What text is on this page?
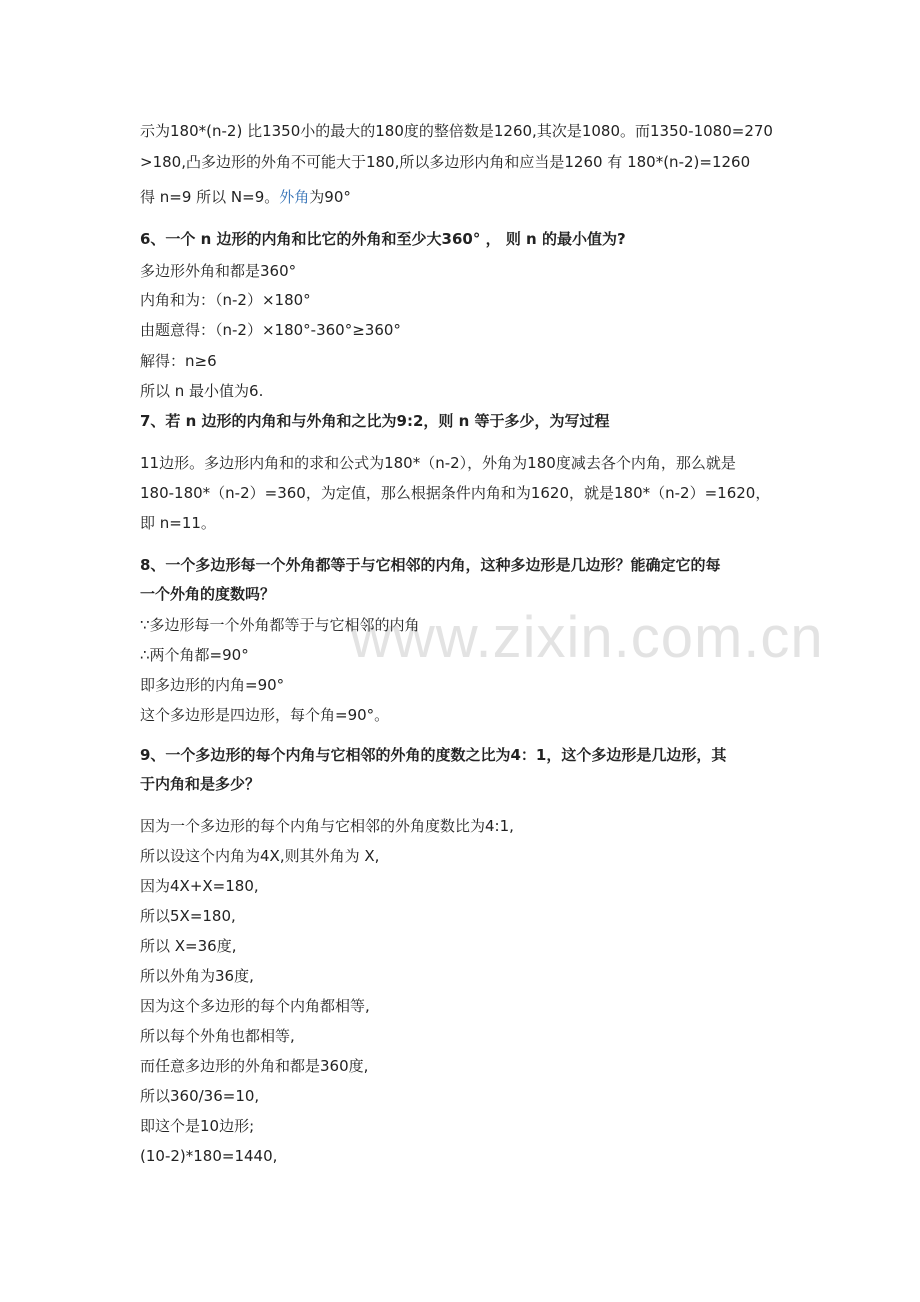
www.zixin.com.cn
示为180*(n-2) 比1350小的最大的180度的整倍数是1260,其次是1080。而1350-1080=270
>180,凸多边形的外角不可能大于180,所以多边形内角和应当是1260 有 180*(n-2)=1260
得 n=9 所以 N=9。外角为90°
6、一个 n 边形的内角和比它的外角和至少大360° ， 则 n 的最小值为?
多边形外角和都是360°
内角和为：（n-2）×180°
由题意得：（n-2）×180°-360°≥360°
解得：n≥6
所以 n 最小值为6.
7、若 n 边形的内角和与外角和之比为9:2，则 n 等于多少，为写过程
11边形。多边形内角和的求和公式为180*（n-2），外角为180度减去各个内角，那么就是
180-180*（n-2）=360，为定值，那么根据条件内角和为1620，就是180*（n-2）=1620，
即 n=11。
8、一个多边形每一个外角都等于与它相邻的内角，这种多边形是几边形？能确定它的每
一个外角的度数吗？
∵多边形每一个外角都等于与它相邻的内角
∴两个角都=90°
即多边形的内角=90°
这个多边形是四边形，每个角=90°。
9、一个多边形的每个内角与它相邻的外角的度数之比为4：1，这个多边形是几边形，其
于内角和是多少？
因为一个多边形的每个内角与它相邻的外角度数比为4:1,
所以设这个内角为4X,则其外角为 X,
因为4X+X=180,
所以5X=180,
所以 X=36度,
所以外角为36度,
因为这个多边形的每个内角都相等,
所以每个外角也都相等,
而任意多边形的外角和都是360度,
所以360/36=10,
即这个是10边形;
(10-2)*180=1440,
